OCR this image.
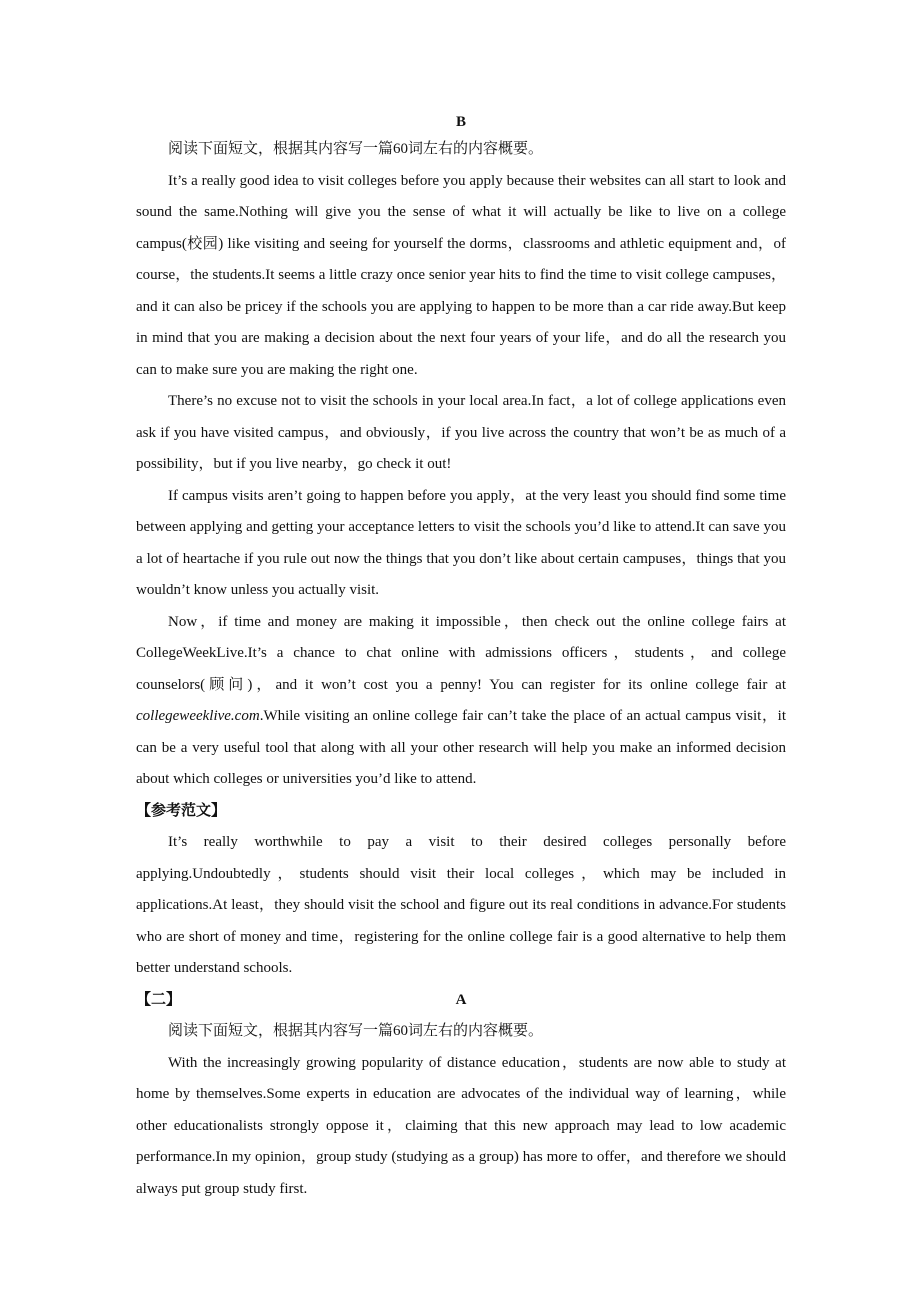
B

阅读下面短文，根据其内容写一篇60词左右的内容概要。

It’s a really good idea to visit colleges before you apply because their websites can all start to look and sound the same.Nothing will give you the sense of what it will actually be like to live on a college campus(校园) like visiting and seeing for yourself the dorms，classrooms and athletic equipment and，of course，the students.It seems a little crazy once senior year hits to find the time to visit college campuses，and it can also be pricey if the schools you are applying to happen to be more than a car ride away.But keep in mind that you are making a decision about the next four years of your life，and do all the research you can to make sure you are making the right one.

There’s no excuse not to visit the schools in your local area.In fact，a lot of college applications even ask if you have visited campus，and obviously，if you live across the country that won’t be as much of a possibility，but if you live nearby，go check it out!

If campus visits aren’t going to happen before you apply，at the very least you should find some time between applying and getting your acceptance letters to visit the schools you’d like to attend.It can save you a lot of heartache if you rule out now the things that you don’t like about certain campuses，things that you wouldn’t know unless you actually visit.

Now，if time and money are making it impossible，then check out the online college fairs at CollegeWeekLive.It’s a chance to chat online with admissions officers，students，and college counselors(顾问)，and it won’t cost you a penny! You can register for its online college fair at collegeweeklive.com.While visiting an online college fair can’t take the place of an actual campus visit，it can be a very useful tool that along with all your other research will help you make an informed decision about which colleges or universities you’d like to attend.

【参考范文】

It’s really worthwhile to pay a visit to their desired colleges personally before applying.Undoubtedly，students should visit their local colleges，which may be included in applications.At least，they should visit the school and figure out its real conditions in advance.For students who are short of money and time，registering for the online college fair is a good alternative to help them better understand schools.

【二】	A

阅读下面短文，根据其内容写一篇60词左右的内容概要。

With the increasingly growing popularity of distance education，students are now able to study at home by themselves.Some experts in education are advocates of the individual way of learning，while other educationalists strongly oppose it，claiming that this new approach may lead to low academic performance.In my opinion，group study (studying as a group) has more to offer，and therefore we should always put group study first.
